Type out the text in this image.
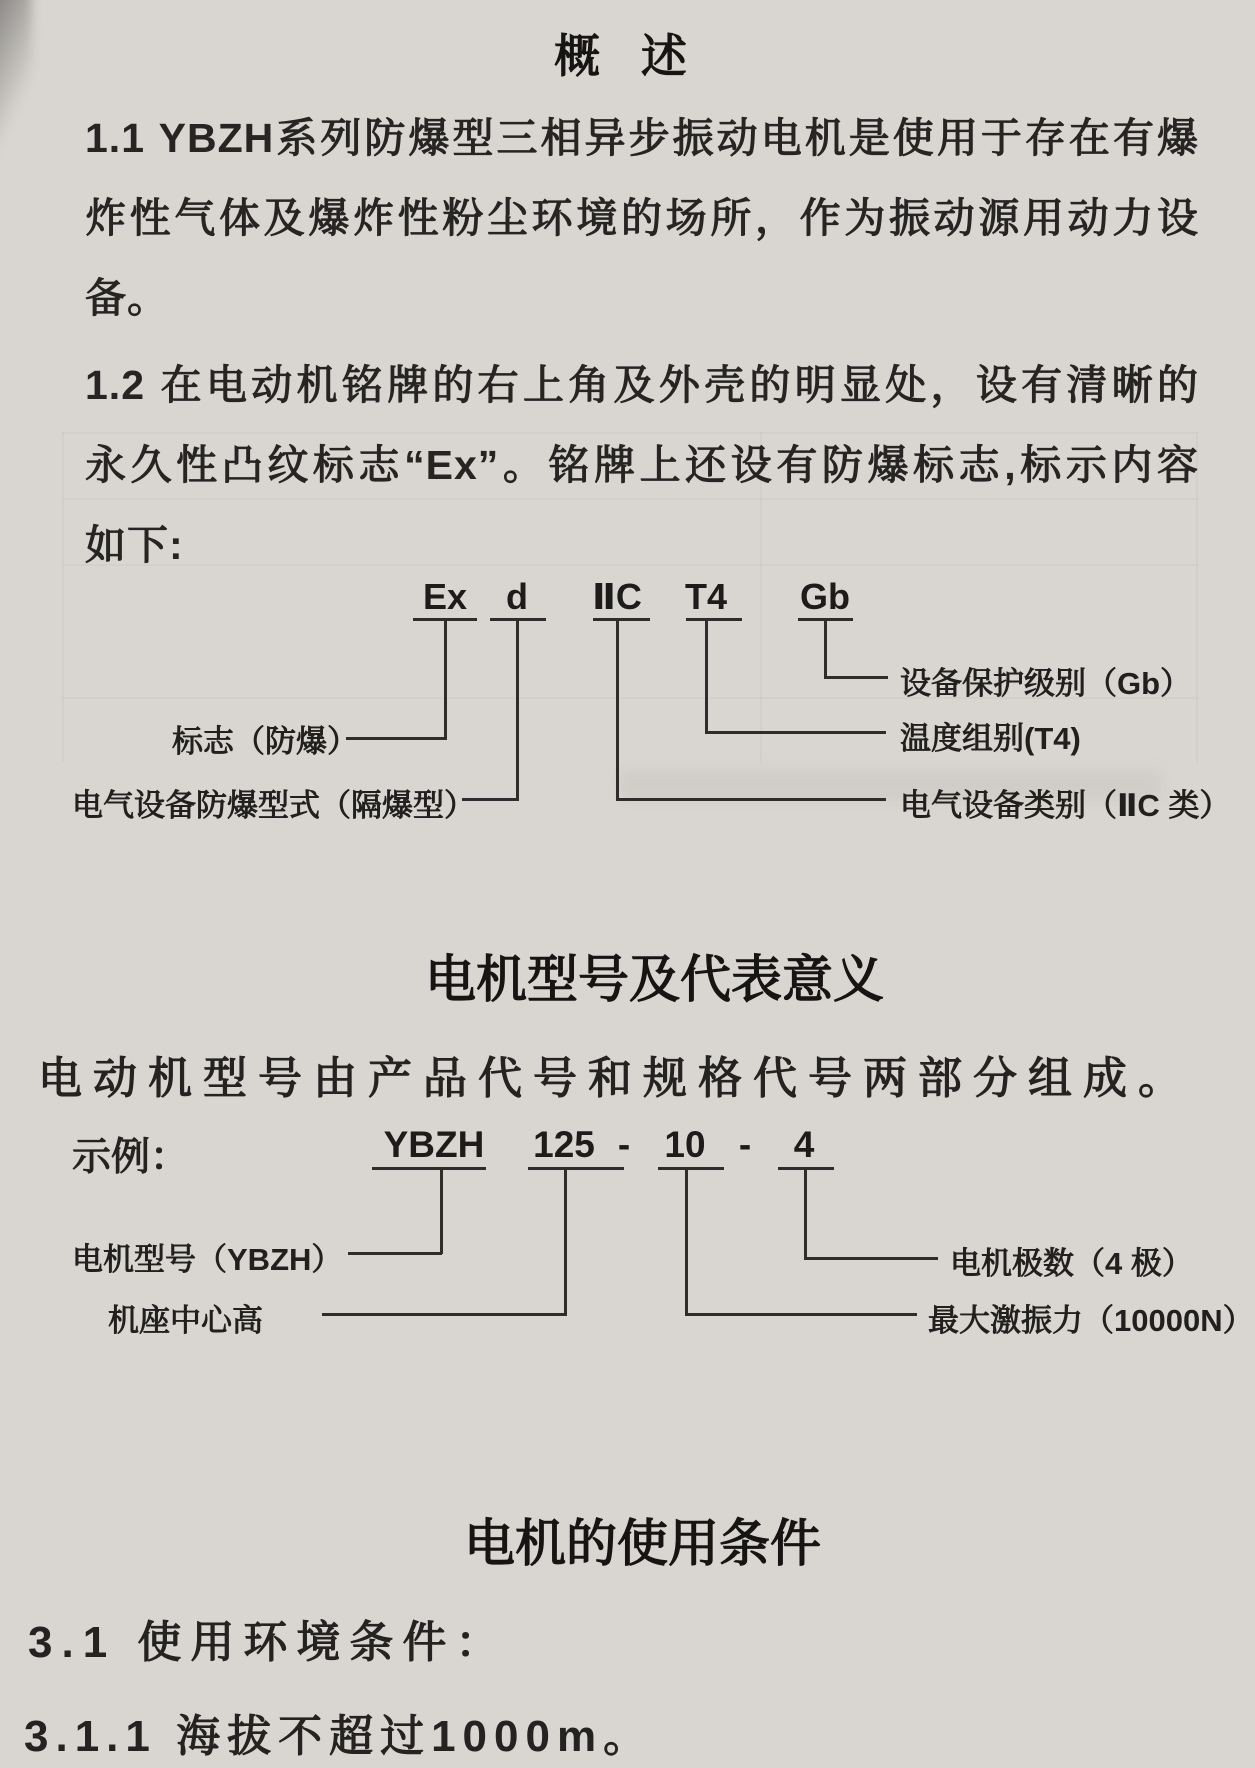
概 述
1.1 YBZH系列防爆型三相异步振动电机是使用于存在有爆
炸性气体及爆炸性粉尘环境的场所，作为振动源用动力设
备。
1.2 在电动机铭牌的右上角及外壳的明显处，设有清晰的
永久性凸纹标志“Ex”。铭牌上还设有防爆标志,标示内容
如下:
Ex	d	ⅡC	T4	Gb
设备保护级别（Gb）
温度组别(T4)
标志（防爆）
电气设备防爆型式（隔爆型）	电气设备类别（ⅡC 类）
电机型号及代表意义
电动机型号由产品代号和规格代号两部分组成。
示例：	YBZH	125 - 10 -	4
电机型号（YBZH）
机座中心高
电机极数（4 极）
最大激振力（10000N）
电机的使用条件
3.1 使用环境条件：
3.1.1 海拔不超过1000m。
